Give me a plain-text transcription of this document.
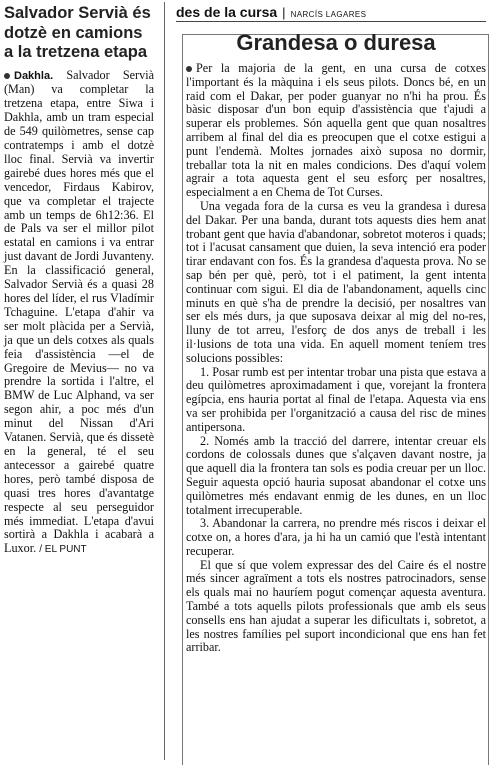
Salvador Servià és dotzè en camions a la tretzena etapa

Dakhla. Salvador Servià (Man) va completar la tretzena etapa, entre Siwa i Dakhla, amb un tram especial de 549 quilòmetres, sense cap contratemps i amb el dotzè lloc final. Servià va invertir gairebé dues hores més que el vencedor, Firdaus Kabirov, que va completar el trajecte amb un temps de 6h12:36. El de Pals va ser el millor pilot estatal en camions i va entrar just davant de Jordi Juvanteny. En la classificació general, Salvador Servià és a quasi 28 hores del líder, el rus Vladímir Tchaguine. L'etapa d'ahir va ser molt plàcida per a Servià, ja que un dels cotxes als quals feia d'assistència —el de Gregoire de Mevius— no va prendre la sortida i l'altre, el BMW de Luc Alphand, va ser segon ahir, a poc més d'un minut del Nissan d'Ari Vatanen. Servià, que és dissetè en la general, té el seu antecessor a gairebé quatre hores, però també disposa de quasi tres hores d'avantatge respecte al seu perseguidor més immediat. L'etapa d'avui sortirà a Dakhla i acabarà a Luxor. / EL PUNT

des de la cursa | NARCÍS LAGARES
Grandesa o duresa

Per la majoria de la gent, en una cursa de cotxes l'important és la màquina i els seus pilots. Doncs bé, en un raid com el Dakar, per poder guanyar no n'hi ha prou. És bàsic disposar d'un bon equip d'assistència que t'ajudi a superar els problemes. Són aquella gent que quan nosaltres arribem al final del dia es preocupen que el cotxe estigui a punt l'endemà. Moltes jornades això suposa no dormir, treballar tota la nit en males condicions. Des d'aquí volem agrair a tota aquesta gent el seu esforç per nosaltres, especialment a en Chema de Tot Curses.

Una vegada fora de la cursa es veu la grandesa i duresa del Dakar. Per una banda, durant tots aquests dies hem anat trobant gent que havia d'abandonar, sobretot moteros i quads; tot i l'acusat cansament que duien, la seva intenció era poder tirar endavant con fos. És la grandesa d'aquesta prova. No se sap bén per què, però, tot i el patiment, la gent intenta continuar com sigui. El dia de l'abandonament, aquells cinc minuts en què s'ha de prendre la decisió, per nosaltres van ser els més durs, ja que suposava deixar al mig del no-res, lluny de tot arreu, l'esforç de dos anys de treball i les il·lusions de tota una vida. En aquell moment teníem tres solucions possibles:

1. Posar rumb est per intentar trobar una pista que estava a deu quilòmetres aproximadament i que, vorejant la frontera egípcia, ens hauria portat al final de l'etapa. Aquesta via ens va ser prohibida per l'organització a causa del risc de mines antipersona.

2. Només amb la tracció del darrere, intentar creuar els cordons de colossals dunes que s'alçaven davant nostre, ja que aquell dia la frontera tan sols es podia creuar per un lloc. Seguir aquesta opció hauria suposat abandonar el cotxe uns quilòmetres més endavant enmig de les dunes, en un lloc totalment irrecuperable.

3. Abandonar la carrera, no prendre més riscos i deixar el cotxe on, a hores d'ara, ja hi ha un camió que l'està intentant recuperar.

El que sí que volem expressar des del Caire és el nostre més sincer agraïment a tots els nostres patrocinadors, sense els quals mai no hauríem pogut començar aquesta aventura. També a tots aquells pilots professionals que amb els seus consells ens han ajudat a superar les dificultats i, sobretot, a les nostres famílies pel suport incondicional que ens han fet arribar.
